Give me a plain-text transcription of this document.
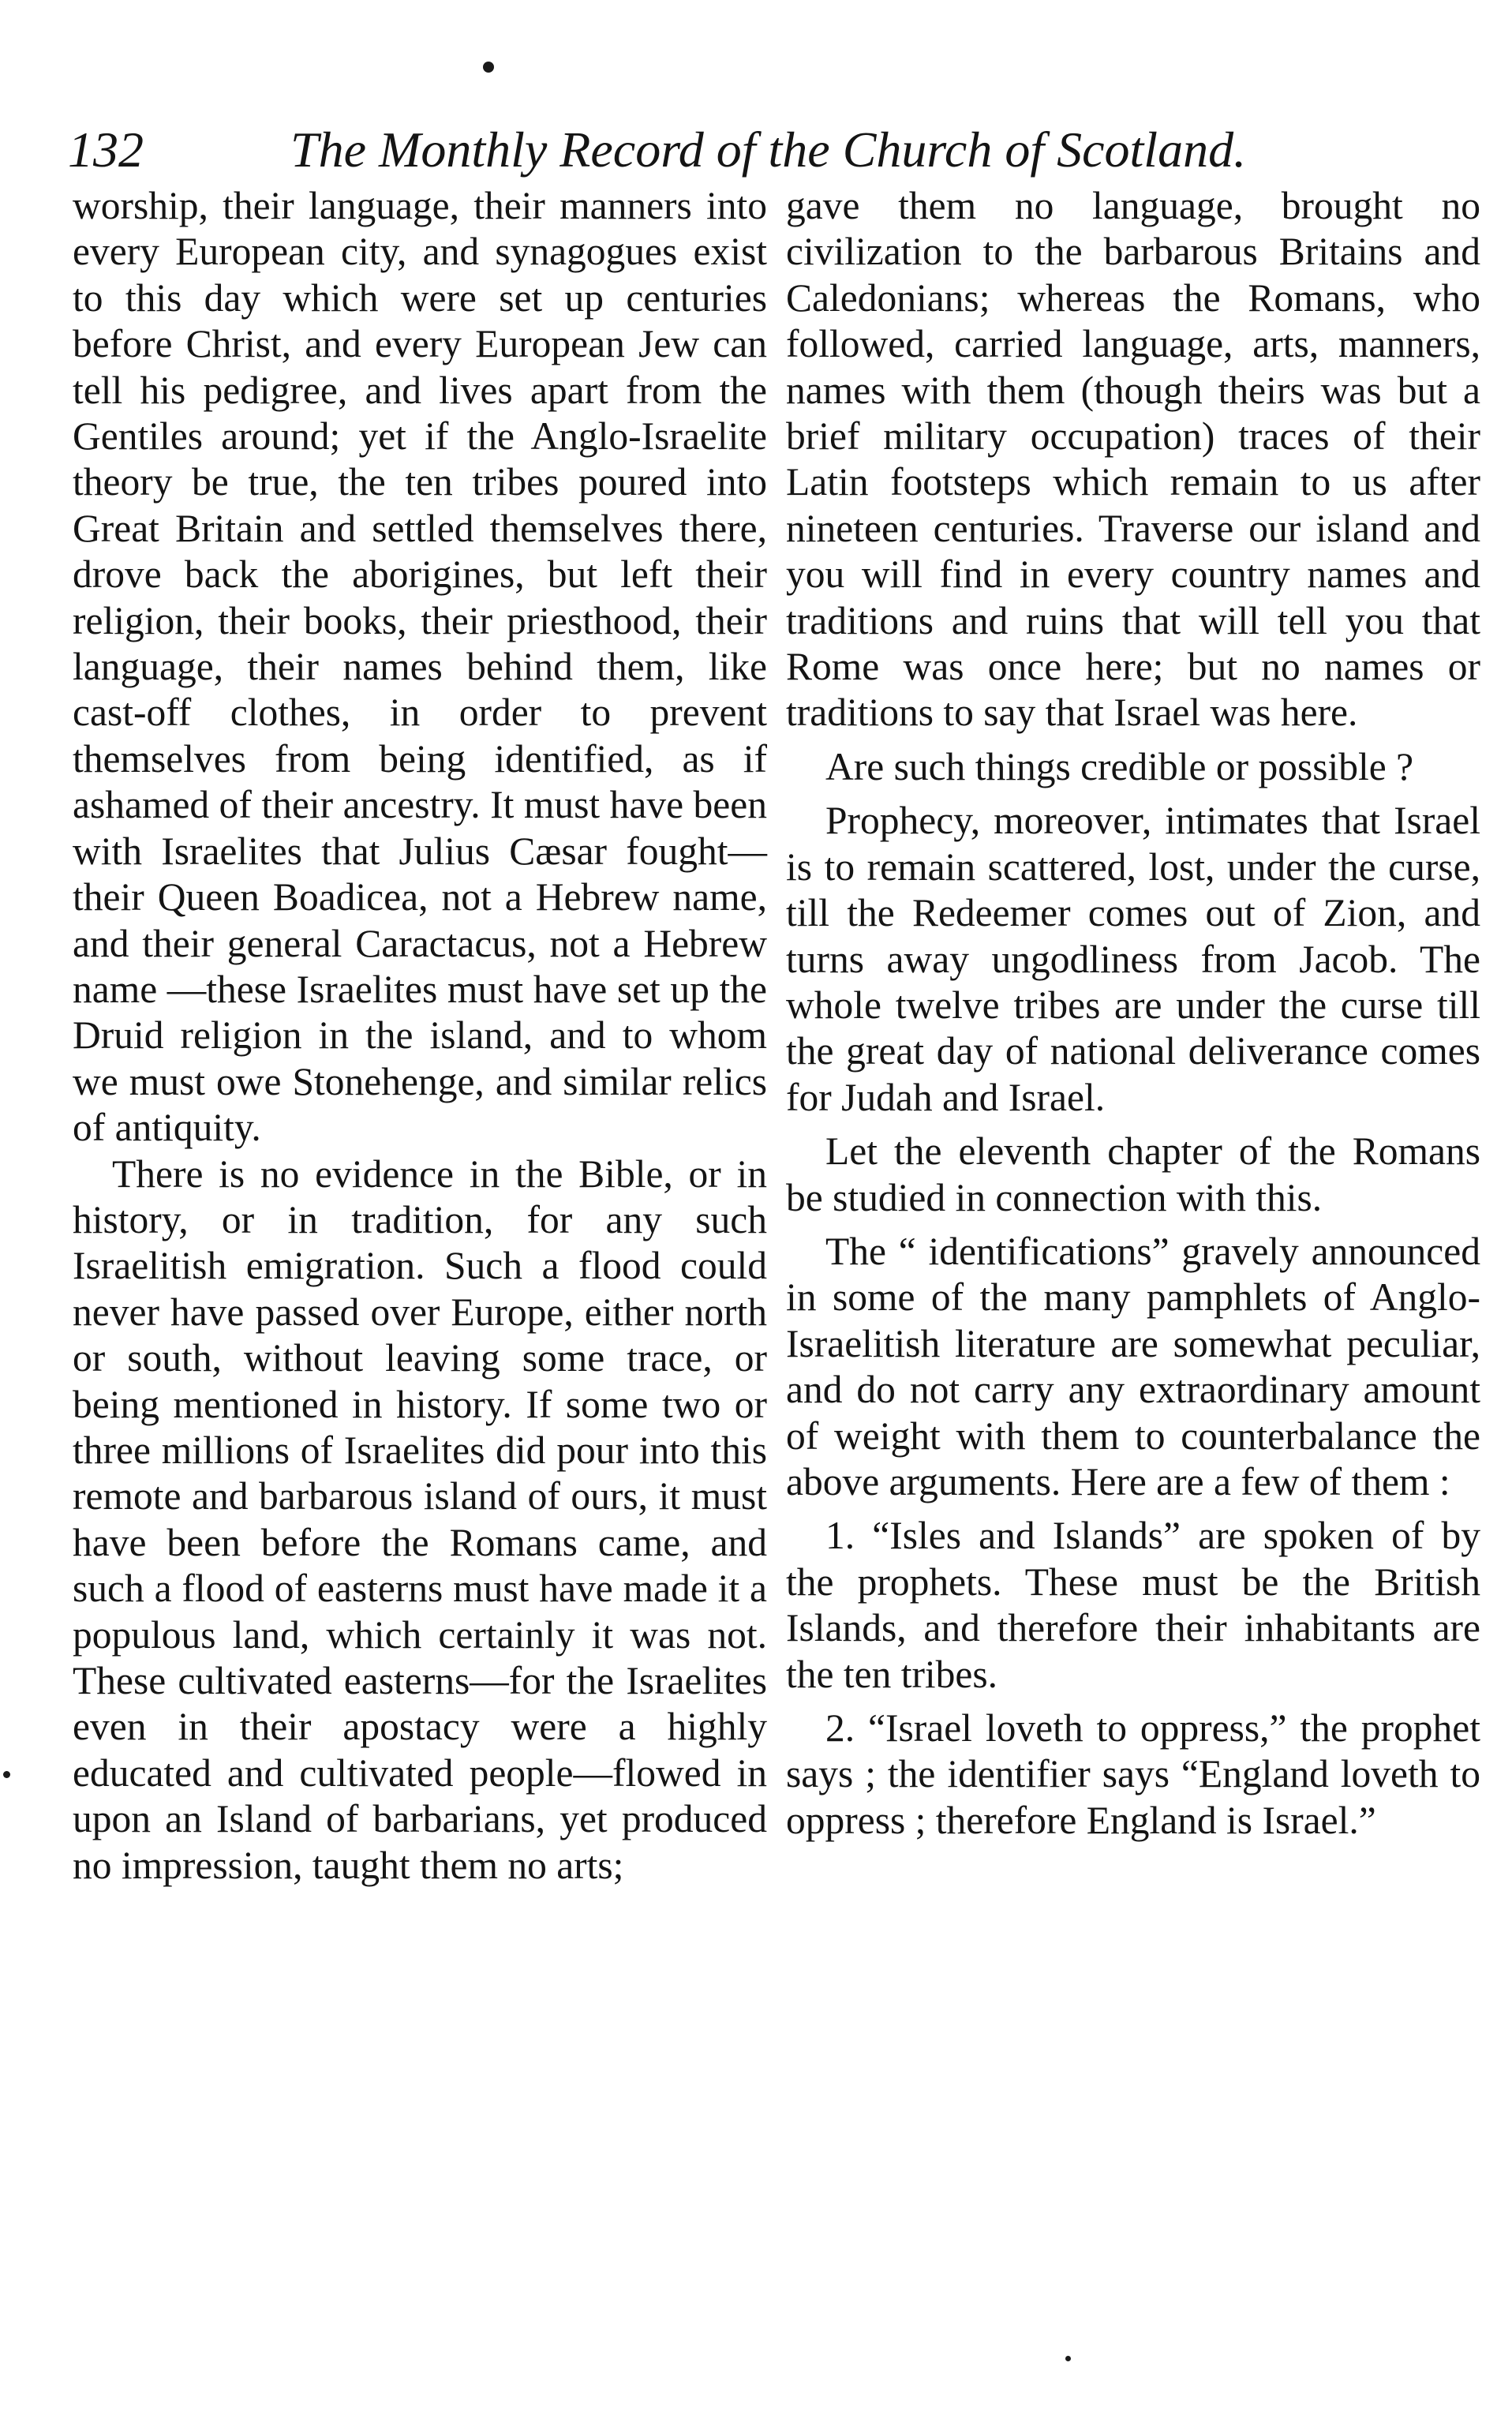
132	The Monthly Record of the Church of Scotland.

worship, their language, their manners into every European city, and synagogues exist to this day which were set up centuries before Christ, and every European Jew can tell his pedigree, and lives apart from the Gentiles around; yet if the Anglo-Israelite theory be true, the ten tribes poured into Great Britain and settled themselves there, drove back the aborigines, but left their religion, their books, their priesthood, their language, their names behind them, like cast-off clothes, in order to prevent themselves from being identified, as if ashamed of their ancestry. It must have been with Israelites that Julius Cæsar fought—their Queen Boadicea, not a Hebrew name, and their general Caractacus, not a Hebrew name —these Israelites must have set up the Druid religion in the island, and to whom we must owe Stonehenge, and similar relics of antiquity.

There is no evidence in the Bible, or in history, or in tradition, for any such Israelitish emigration. Such a flood could never have passed over Europe, either north or south, without leaving some trace, or being mentioned in history. If some two or three millions of Israelites did pour into this remote and barbarous island of ours, it must have been before the Romans came, and such a flood of easterns must have made it a populous land, which certainly it was not. These cultivated easterns—for the Israelites even in their apostacy were a highly educated and cultivated people—flowed in upon an Island of barbarians, yet produced no impression, taught them no arts;

gave them no language, brought no civilization to the barbarous Britains and Caledonians; whereas the Romans, who followed, carried language, arts, manners, names with them (though theirs was but a brief military occupation) traces of their Latin footsteps which remain to us after nineteen centuries. Traverse our island and you will find in every country names and traditions and ruins that will tell you that Rome was once here; but no names or traditions to say that Israel was here.

Are such things credible or possible ?

Prophecy, moreover, intimates that Israel is to remain scattered, lost, under the curse, till the Redeemer comes out of Zion, and turns away ungodliness from Jacob. The whole twelve tribes are under the curse till the great day of national deliverance comes for Judah and Israel.

Let the eleventh chapter of the Romans be studied in connection with this.

The “ identifications” gravely announced in some of the many pamphlets of Anglo-Israelitish literature are somewhat peculiar, and do not carry any extraordinary amount of weight with them to counterbalance the above arguments. Here are a few of them :

1. “Isles and Islands” are spoken of by the prophets. These must be the British Islands, and therefore their inhabitants are the ten tribes.

2. “Israel loveth to oppress,” the prophet says ; the identifier says “England loveth to oppress ; therefore England is Israel.”
